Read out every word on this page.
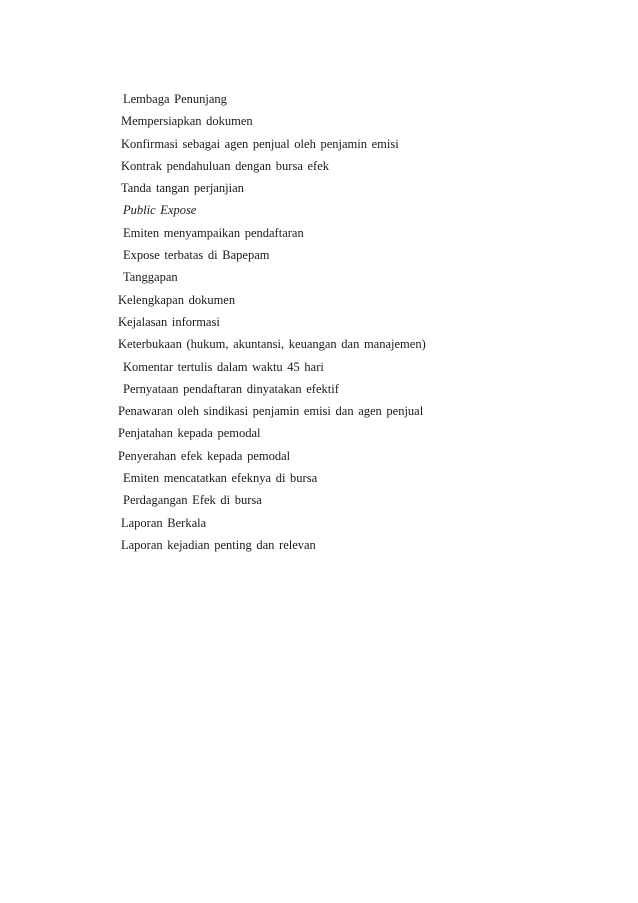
Lembaga Penunjang
Mempersiapkan dokumen
Konfirmasi sebagai agen penjual oleh penjamin emisi
Kontrak pendahuluan dengan bursa efek
Tanda tangan perjanjian
Public Expose
Emiten menyampaikan pendaftaran
Expose terbatas di Bapepam
Tanggapan
Kelengkapan dokumen
Kejalasan informasi
Keterbukaan (hukum, akuntansi, keuangan dan manajemen)
Komentar tertulis dalam waktu 45 hari
Pernyataan pendaftaran dinyatakan efektif
Penawaran oleh sindikasi penjamin emisi dan agen penjual
Penjatahan kepada pemodal
Penyerahan efek kepada pemodal
Emiten mencatatkan efeknya di bursa
Perdagangan Efek di bursa
Laporan Berkala
Laporan kejadian penting dan relevan
